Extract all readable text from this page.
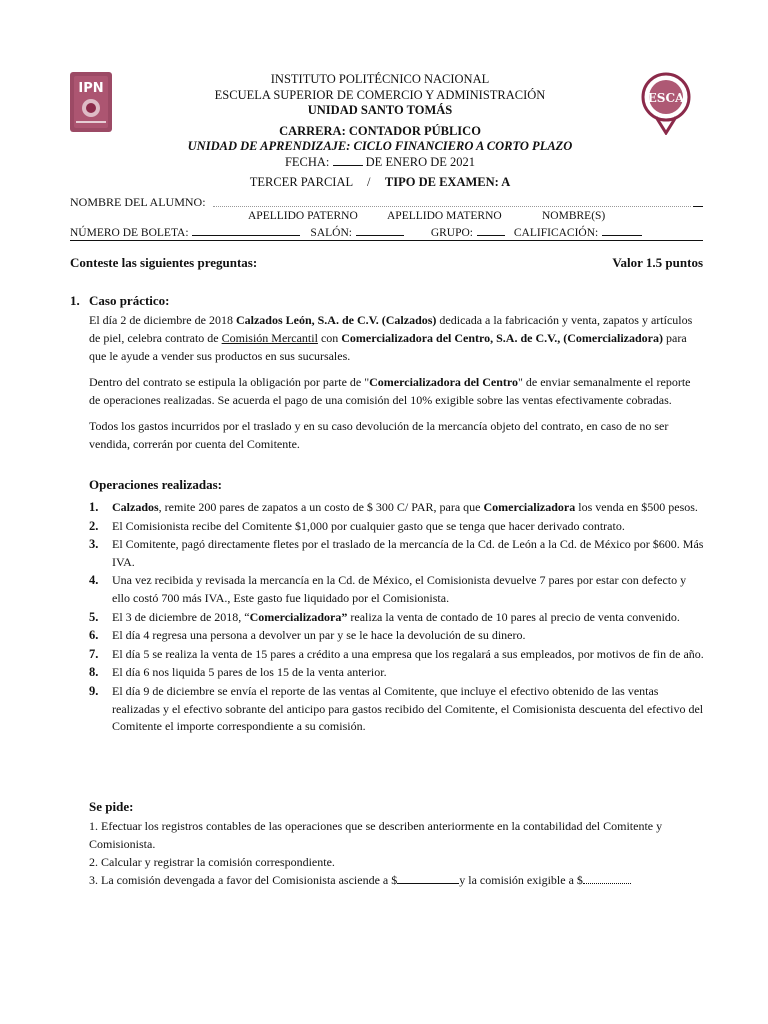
IPN
ESCA
INSTITUTO POLITÉCNICO NACIONAL
ESCUELA SUPERIOR DE COMERCIO Y ADMINISTRACIÓN
UNIDAD SANTO TOMÁS
CARRERA: CONTADOR PÚBLICO
UNIDAD DE APRENDIZAJE: CICLO FINANCIERO A CORTO PLAZO
FECHA:  DE ENERO DE 2021
TERCER PARCIAL / TIPO DE EXAMEN: A
NOMBRE DEL ALUMNO:
APELLIDO PATERNO	APELLIDO MATERNO	NOMBRE(S)
NÚMERO DE BOLETA:	SALÓN:	GRUPO:	CALIFICACIÓN:
Conteste las siguientes preguntas:	Valor 1.5 puntos
1. Caso práctico:

El día 2 de diciembre de 2018 Calzados León, S.A. de C.V. (Calzados) dedicada a la fabricación y venta, zapatos y artículos de piel, celebra contrato de Comisión Mercantil con Comercializadora del Centro, S.A. de C.V., (Comercializadora) para que le ayude a vender sus productos en sus sucursales.

Dentro del contrato se estipula la obligación por parte de "Comercializadora del Centro" de enviar semanalmente el reporte de operaciones realizadas. Se acuerda el pago de una comisión del 10% exigible sobre las ventas efectivamente cobradas.

Todos los gastos incurridos por el traslado y en su caso devolución de la mercancía objeto del contrato, en caso de no ser vendida, correrán por cuenta del Comitente.

Operaciones realizadas:

1. Calzados, remite 200 pares de zapatos a un costo de $ 300 C/ PAR, para que Comercializadora los venda en $500 pesos.
2. El Comisionista recibe del Comitente $1,000 por cualquier gasto que se tenga que hacer derivado contrato.
3. El Comitente, pagó directamente fletes por el traslado de la mercancía de la Cd. de León a la Cd. de México por $600. Más IVA.
4. Una vez recibida y revisada la mercancía en la Cd. de México, el Comisionista devuelve 7 pares por estar con defecto y ello costó 700 más IVA., Este gasto fue liquidado por el Comisionista.
5. El 3 de diciembre de 2018, “Comercializadora” realiza la venta de contado de 10 pares al precio de venta convenido.
6. El día 4 regresa una persona a devolver un par y se le hace la devolución de su dinero.
7. El día 5 se realiza la venta de 15 pares a crédito a una empresa que los regalará a sus empleados, por motivos de fin de año.
8. El día 6 nos liquida 5 pares de los 15 de la venta anterior.
9. El día 9 de diciembre se envía el reporte de las ventas al Comitente, que incluye el efectivo obtenido de las ventas realizadas y el efectivo sobrante del anticipo para gastos recibido del Comitente, el Comisionista descuenta del efectivo del Comitente el importe correspondiente a su comisión.

Se pide:

1. Efectuar los registros contables de las operaciones que se describen anteriormente en la contabilidad del Comitente y Comisionista.
2. Calcular y registrar la comisión correspondiente.
3. La comisión devengada a favor del Comisionista asciende a $	y la comisión exigible a $
